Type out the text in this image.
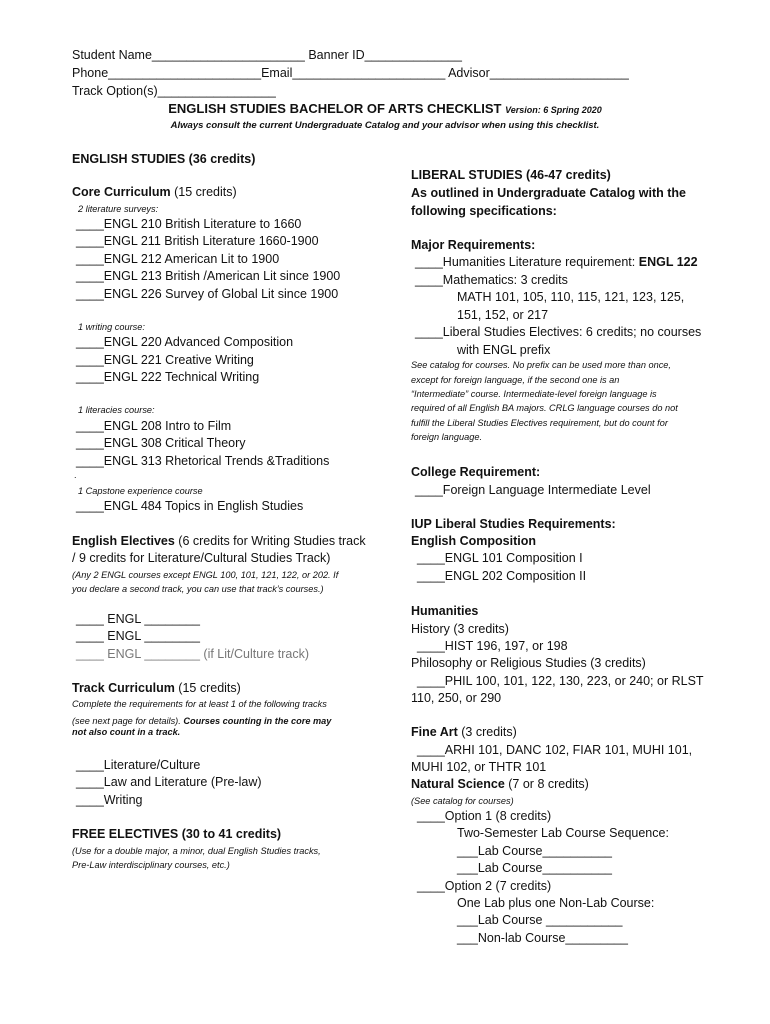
Student Name______________________ Banner ID______________
Phone______________________Email______________________ Advisor____________________
Track Option(s)_________________
ENGLISH STUDIES BACHELOR OF ARTS CHECKLIST Version: 6 Spring 2020
Always consult the current Undergraduate Catalog and your advisor when using this checklist.
ENGLISH STUDIES (36 credits)
Core Curriculum (15 credits)
2 literature surveys:
____ENGL 210 British Literature to 1660
____ENGL 211 British Literature 1660-1900
____ENGL 212 American Lit to 1900
____ENGL 213 British /American Lit since 1900
____ENGL 226 Survey of Global Lit since 1900
1 writing course:
____ENGL 220 Advanced Composition
____ENGL 221 Creative Writing
____ENGL 222 Technical Writing
1 literacies course:
____ENGL 208 Intro to Film
____ENGL 308 Critical Theory
____ENGL 313 Rhetorical Trends &Traditions
.
1 Capstone experience course
____ENGL 484 Topics in English Studies
English Electives (6 credits for Writing Studies track
/ 9 credits for Literature/Cultural Studies Track)
(Any 2 ENGL courses except ENGL 100, 101, 121, 122, or 202. If
you declare a second track, you can use that track’s courses.)
____ ENGL ________
____ ENGL ________
____ ENGL ________ (if Lit/Culture track)
Track Curriculum (15 credits)
Complete the requirements for at least 1 of the following tracks
(see next page for details). Courses counting in the core may
not also count in a track.
____Literature/Culture
____Law and Literature (Pre-law)
____Writing
FREE ELECTIVES (30 to 41 credits)
(Use for a double major, a minor, dual English Studies tracks,
Pre-Law interdisciplinary courses, etc.)
LIBERAL STUDIES (46-47 credits)
As outlined in Undergraduate Catalog with the
following specifications:
Major Requirements:
____Humanities Literature requirement: ENGL 122
____Mathematics: 3 credits
MATH 101, 105, 110, 115, 121, 123, 125,
151, 152, or 217
____Liberal Studies Electives: 6 credits; no courses
with ENGL prefix
See catalog for courses. No prefix can be used more than once,
except for foreign language, if the second one is an
“Intermediate” course. Intermediate-level foreign language is
required of all English BA majors. CRLG language courses do not
fulfill the Liberal Studies Electives requirement, but do count for
foreign language.
College Requirement:
____Foreign Language Intermediate Level
IUP Liberal Studies Requirements:
English Composition
____ENGL 101 Composition I
____ENGL 202 Composition II
Humanities
History (3 credits)
____HIST 196, 197, or 198
Philosophy or Religious Studies (3 credits)
____PHIL 100, 101, 122, 130, 223, or 240; or RLST
110, 250, or 290
Fine Art (3 credits)
____ARHI 101, DANC 102, FIAR 101, MUHI 101,
MUHI 102, or THTR 101
Natural Science (7 or 8 credits)
(See catalog for courses)
____Option 1 (8 credits)
Two-Semester Lab Course Sequence:
___Lab Course__________
___Lab Course__________
____Option 2 (7 credits)
One Lab plus one Non-Lab Course:
___Lab Course ___________
___Non-lab Course_________
